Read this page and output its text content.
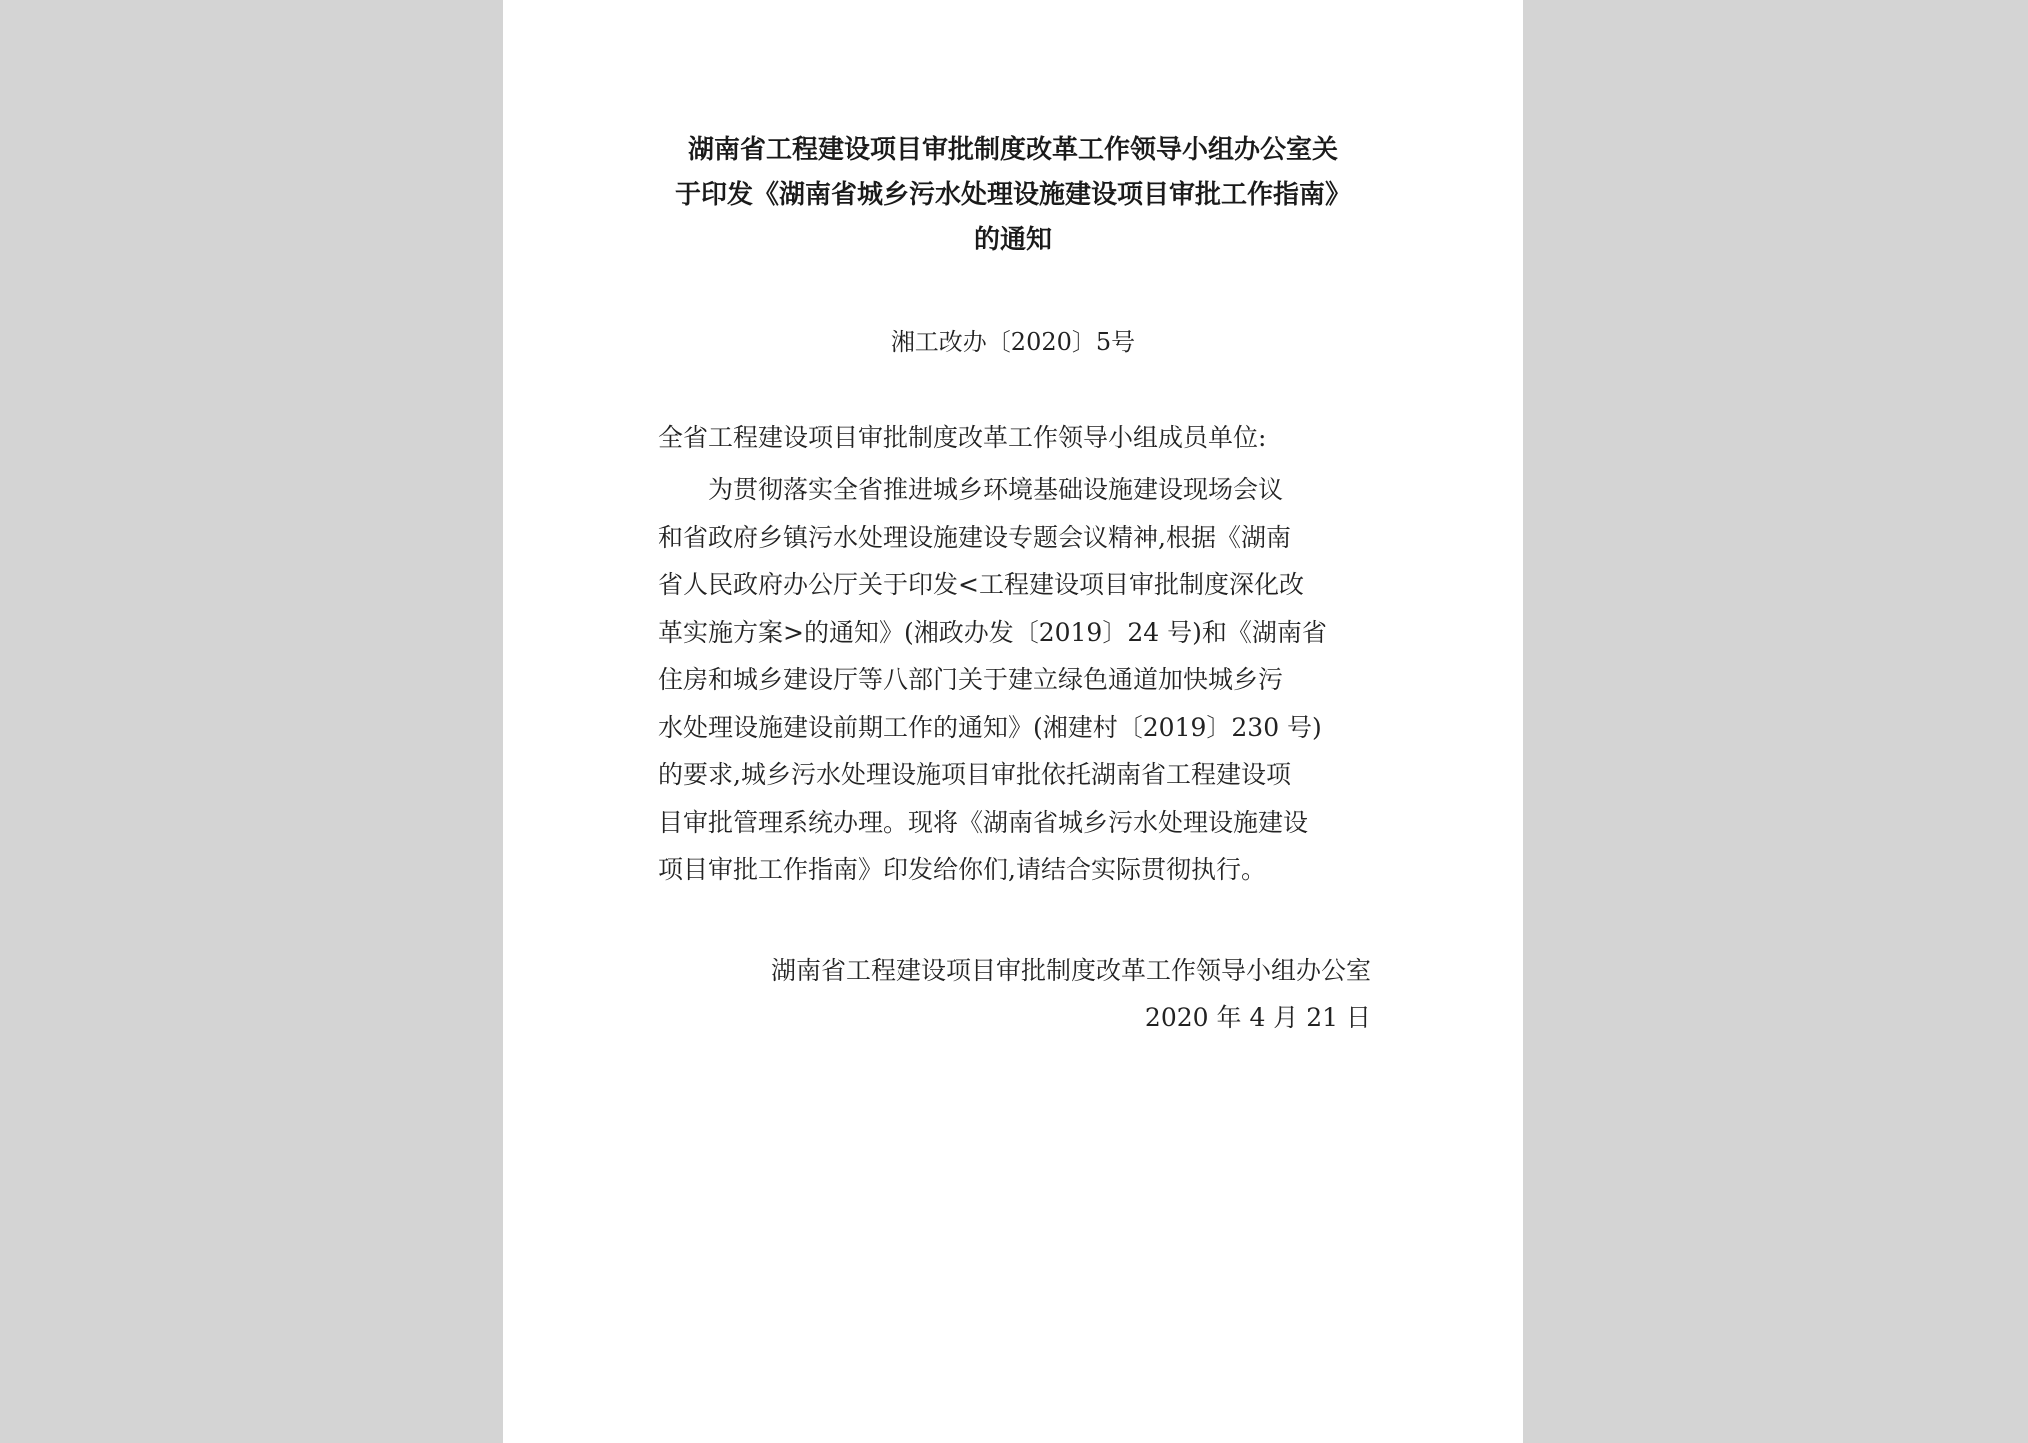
湖南省工程建设项目审批制度改革工作领导小组办公室关
于印发《湖南省城乡污水处理设施建设项目审批工作指南》
的通知
湘工改办〔2020〕5号
全省工程建设项目审批制度改革工作领导小组成员单位:
　　为贯彻落实全省推进城乡环境基础设施建设现场会议
和省政府乡镇污水处理设施建设专题会议精神,根据《湖南
省人民政府办公厅关于印发<工程建设项目审批制度深化改
革实施方案>的通知》(湘政办发〔2019〕24 号)和《湖南省
住房和城乡建设厅等八部门关于建立绿色通道加快城乡污
水处理设施建设前期工作的通知》(湘建村〔2019〕230 号)
的要求,城乡污水处理设施项目审批依托湖南省工程建设项
目审批管理系统办理。现将《湖南省城乡污水处理设施建设
项目审批工作指南》印发给你们,请结合实际贯彻执行。
湖南省工程建设项目审批制度改革工作领导小组办公室
2020 年 4 月 21 日
